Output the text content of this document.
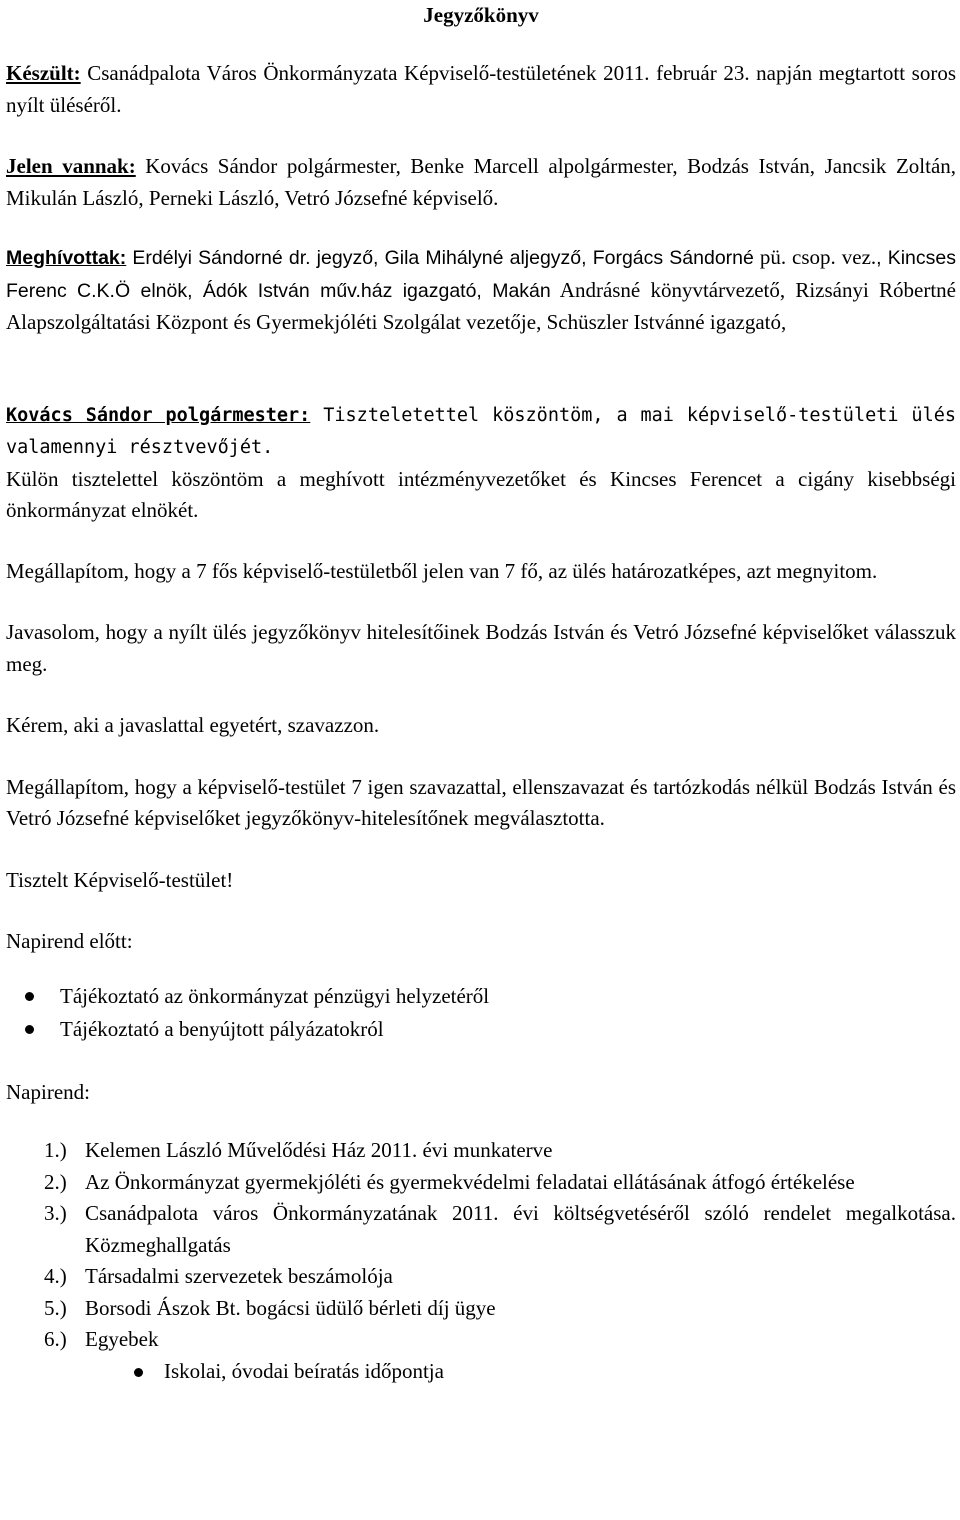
Jegyzőkönyv

Készült: Csanádpalota Város Önkormányzata Képviselő-testületének 2011. február 23. napján megtartott soros nyílt üléséről.

Jelen vannak: Kovács Sándor polgármester, Benke Marcell alpolgármester, Bodzás István, Jancsik Zoltán, Mikulán László, Perneki László, Vetró Józsefné képviselő.

Meghívottak: Erdélyi Sándorné dr. jegyző, Gila Mihályné aljegyző, Forgács Sándorné pü. csop. vez., Kincses Ferenc C.K.Ö elnök, Ádók István műv.ház igazgató, Makán Andrásné könyvtárvezető, Rizsányi Róbertné Alapszolgáltatási Központ és Gyermekjóléti Szolgálat vezetője, Schüszler Istvánné igazgató,

Kovács Sándor polgármester: Tiszteletettel köszöntöm, a mai képviselő-testületi ülés valamennyi résztvevőjét.

Külön tisztelettel köszöntöm a meghívott intézményvezetőket és Kincses Ferencet a cigány kisebbségi önkormányzat elnökét.

Megállapítom, hogy a 7 fős képviselő-testületből jelen van 7 fő, az ülés határozatképes, azt megnyitom.

Javasolom, hogy a nyílt ülés jegyzőkönyv hitelesítőinek Bodzás István és Vetró Józsefné képviselőket válasszuk meg.

Kérem, aki a javaslattal egyetért, szavazzon.

Megállapítom, hogy a képviselő-testület 7 igen szavazattal, ellenszavazat és tartózkodás nélkül Bodzás István és Vetró Józsefné képviselőket jegyzőkönyv-hitelesítőnek megválasztotta.

Tisztelt Képviselő-testület!

Napirend előtt:

Tájékoztató az önkormányzat pénzügyi helyzetéről
Tájékoztató a benyújtott pályázatokról

Napirend:

1.) Kelemen László Művelődési Ház 2011. évi munkaterve
2.) Az Önkormányzat gyermekjóléti és gyermekvédelmi feladatai ellátásának átfogó értékelése
3.) Csanádpalota város Önkormányzatának 2011. évi költségvetéséről szóló rendelet megalkotása. Közmeghallgatás
4.) Társadalmi szervezetek beszámolója
5.) Borsodi Ászok Bt. bogácsi üdülő bérleti díj ügye
6.) Egyebek
Iskolai, óvodai beíratás időpontja
